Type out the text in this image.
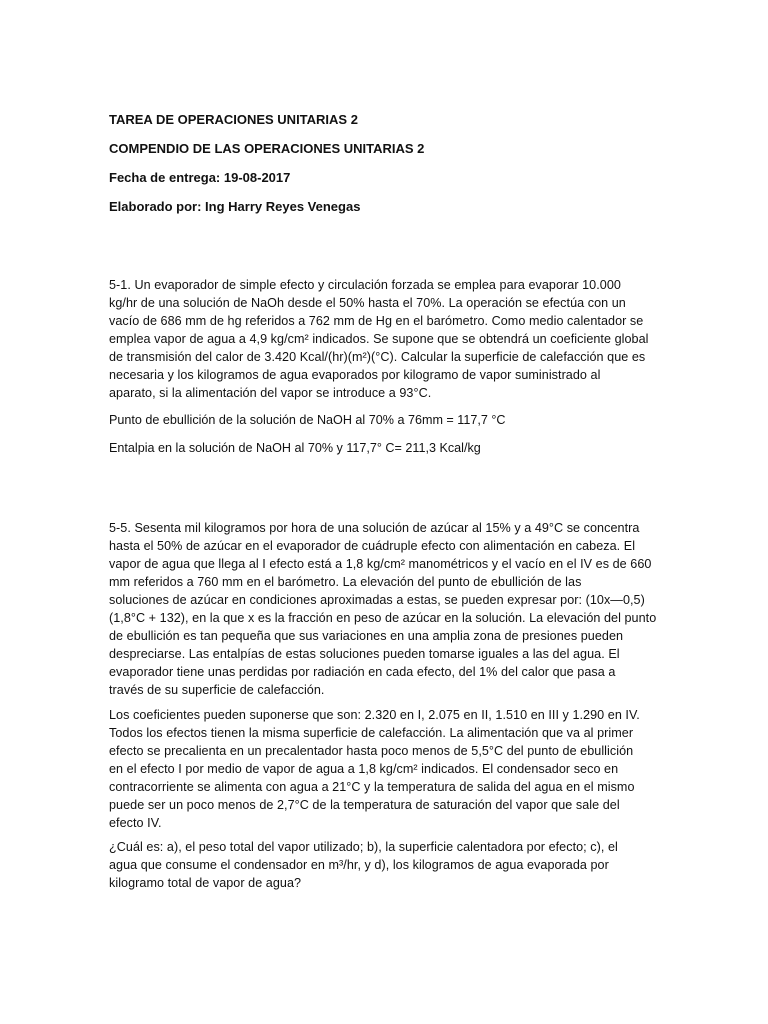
TAREA DE OPERACIONES UNITARIAS 2
COMPENDIO DE LAS OPERACIONES UNITARIAS 2
Fecha de entrega: 19-08-2017
Elaborado por: Ing Harry Reyes Venegas
5-1. Un evaporador de simple efecto y circulación forzada se emplea para evaporar 10.000
kg/hr de una solución de NaOh desde el 50% hasta el 70%. La operación se efectúa con un
vacío de 686 mm de hg referidos a 762 mm de Hg en el barómetro. Como medio calentador se
emplea vapor de agua a 4,9 kg/cm² indicados. Se supone que se obtendrá un coeficiente global
de transmisión del calor de 3.420 Kcal/(hr)(m²)(°C). Calcular la superficie de calefacción que es
necesaria y los kilogramos de agua evaporados por kilogramo de vapor suministrado al
aparato, si la alimentación del vapor se introduce a 93°C.

Punto de ebullición de la solución de NaOH al 70% a 76mm = 117,7 °C

Entalpia en la solución de NaOH al 70% y 117,7° C= 211,3 Kcal/kg

5-5. Sesenta mil kilogramos por hora de una solución de azúcar al 15% y a 49°C se concentra
hasta el 50% de azúcar en el evaporador de cuádruple efecto con alimentación en cabeza. El
vapor de agua que llega al I efecto está a 1,8 kg/cm² manométricos y el vacío en el IV es de 660
mm referidos a 760 mm en el barómetro. La elevación del punto de ebullición de las
soluciones de azúcar en condiciones aproximadas a estas, se pueden expresar por: (10x—0,5)
(1,8°C + 132), en la que x es la fracción en peso de azúcar en la solución. La elevación del punto
de ebullición es tan pequeña que sus variaciones en una amplia zona de presiones pueden
despreciarse. Las entalpías de estas soluciones pueden tomarse iguales a las del agua. El
evaporador tiene unas perdidas por radiación en cada efecto, del 1% del calor que pasa a
través de su superficie de calefacción.
Los coeficientes pueden suponerse que son: 2.320 en I, 2.075 en II, 1.510 en III y 1.290 en IV.
Todos los efectos tienen la misma superficie de calefacción. La alimentación que va al primer
efecto se precalienta en un precalentador hasta poco menos de 5,5°C del punto de ebullición
en el efecto I por medio de vapor de agua a 1,8 kg/cm² indicados. El condensador seco en
contracorriente se alimenta con agua a 21°C y la temperatura de salida del agua en el mismo
puede ser un poco menos de 2,7°C de la temperatura de saturación del vapor que sale del
efecto IV.
¿Cuál es: a), el peso total del vapor utilizado; b), la superficie calentadora por efecto; c), el
agua que consume el condensador en m³/hr, y d), los kilogramos de agua evaporada por
kilogramo total de vapor de agua?
